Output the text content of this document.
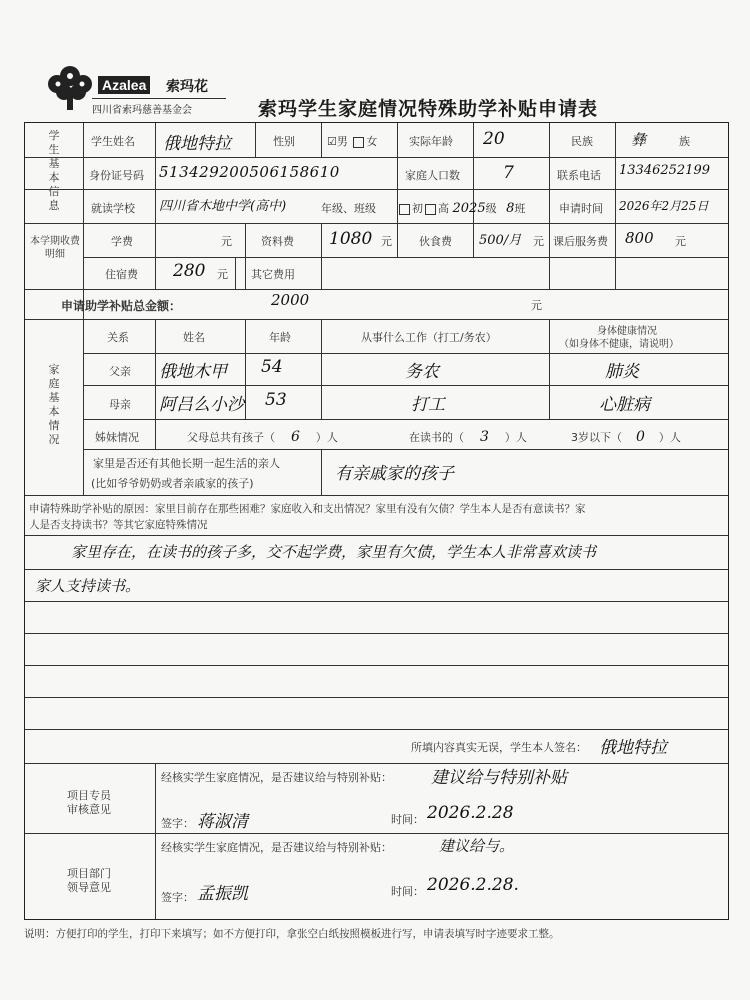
Azalea 索玛花
四川省索玛慈善基金会	索玛学生家庭情况特殊助学补贴申请表
学生基本信息
学生姓名 俄地特拉	性别	☑男 女	实际年龄 20	民族	彝	族
身份证号码 513429200506158610	家庭人口数	7	联系电话 13346252199
就读学校 四川省木地中学(高中)	年级、班级	初 高 2025级 8班	申请时间 2026年2月25日
本学期收费明细
学费	元	资料费 1080 元 伙食费 500/月 元 课后服务费 800 元
住宿费 280 元 其它费用
申请助学补贴总金额：	2000	元
家庭基本情况
关系	姓名	年龄	从事什么工作（打工/务农）	身体健康情况
（如身体不健康，请说明）
父亲 俄地木甲 54	务农	肺炎
母亲 阿吕么小沙 53	打工	心脏病
姊妹情况	父母总共有孩子（ 6 ）人	在读书的（ 3 ）人	3岁以下（ 0 ）人
家里是否还有其他长期一起生活的亲人
(比如爷爷奶奶或者亲戚家的孩子)	有亲戚家的孩子
申请特殊助学补贴的原因：家里目前存在那些困难？家庭收入和支出情况？家里有没有欠债？学生本人是否有意读书？家
人是否支持读书？等其它家庭特殊情况
家里存在，在读书的孩子多，交不起学费，家里有欠债，学生本人非常喜欢读书
家人支持读书。
所填内容真实无误，学生本人签名： 俄地特拉
项目专员
审核意见
经核实学生家庭情况，是否建议给与特别补贴： 建议给与特别补贴
签字： 蒋淑清	时间： 2026.2.28
项目部门
领导意见
经核实学生家庭情况，是否建议给与特别补贴：	建议给与。
签字： 孟振凯	时间： 2026.2.28.
说明：方便打印的学生，打印下来填写；如不方便打印，拿张空白纸按照模板进行写，申请表填写时字迹要求工整。
